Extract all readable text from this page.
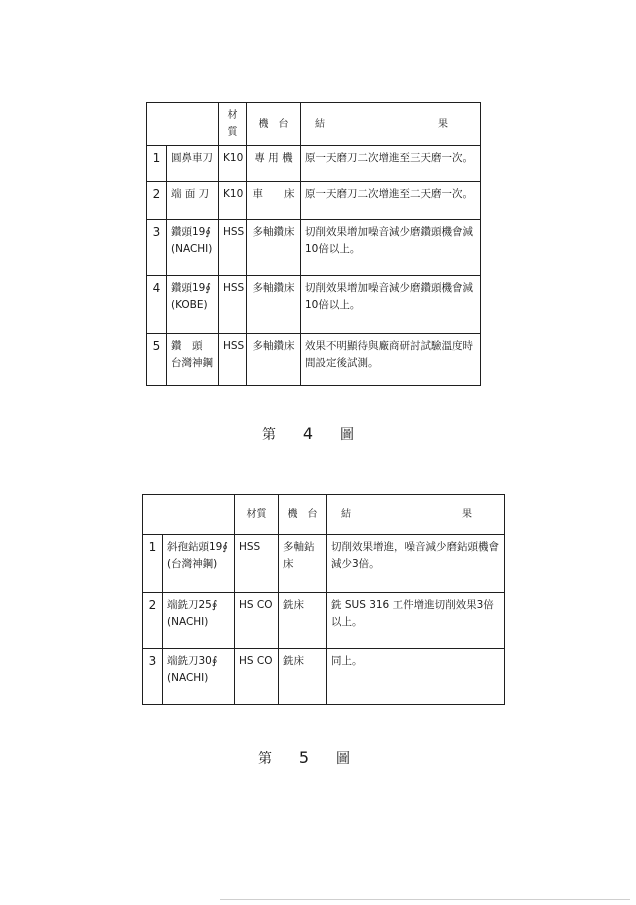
		材質	機　台	結 果

1	圓鼻車刀	K10	專 用 機	原一天磨刀二次增進至三天磨一次。
2	端 面 刀	K10	車　　床	原一天磨刀二次增進至二天磨一次。
3	鑽頭19∮
(NACHI)	HSS	多軸鑽床	切削效果增加噪音減少磨鑽頭機會減10倍以上。
4	鑽頭19∮
(KOBE)	HSS	多軸鑽床	切削效果增加噪音減少磨鑽頭機會減10倍以上。
5	鑽　頭
台灣神鋼	HSS	多軸鑽床	效果不明顯待與廠商研討試驗溫度時間設定後試測。
第 4 圖
		材質	機　台	結 果

1	斜孢鉆頭19∮
(台灣神鋼)	HSS	多軸鉆床	切削效果增進，噪音減少磨鉆頭機會減少3倍。
2	端銑刀25∮
(NACHI)	HS CO	銑床	銑 SUS 316 工件增進切削效果3倍以上。
3	端銑刀30∮
(NACHI)	HS CO	銑床	同上。
第 5 圖
